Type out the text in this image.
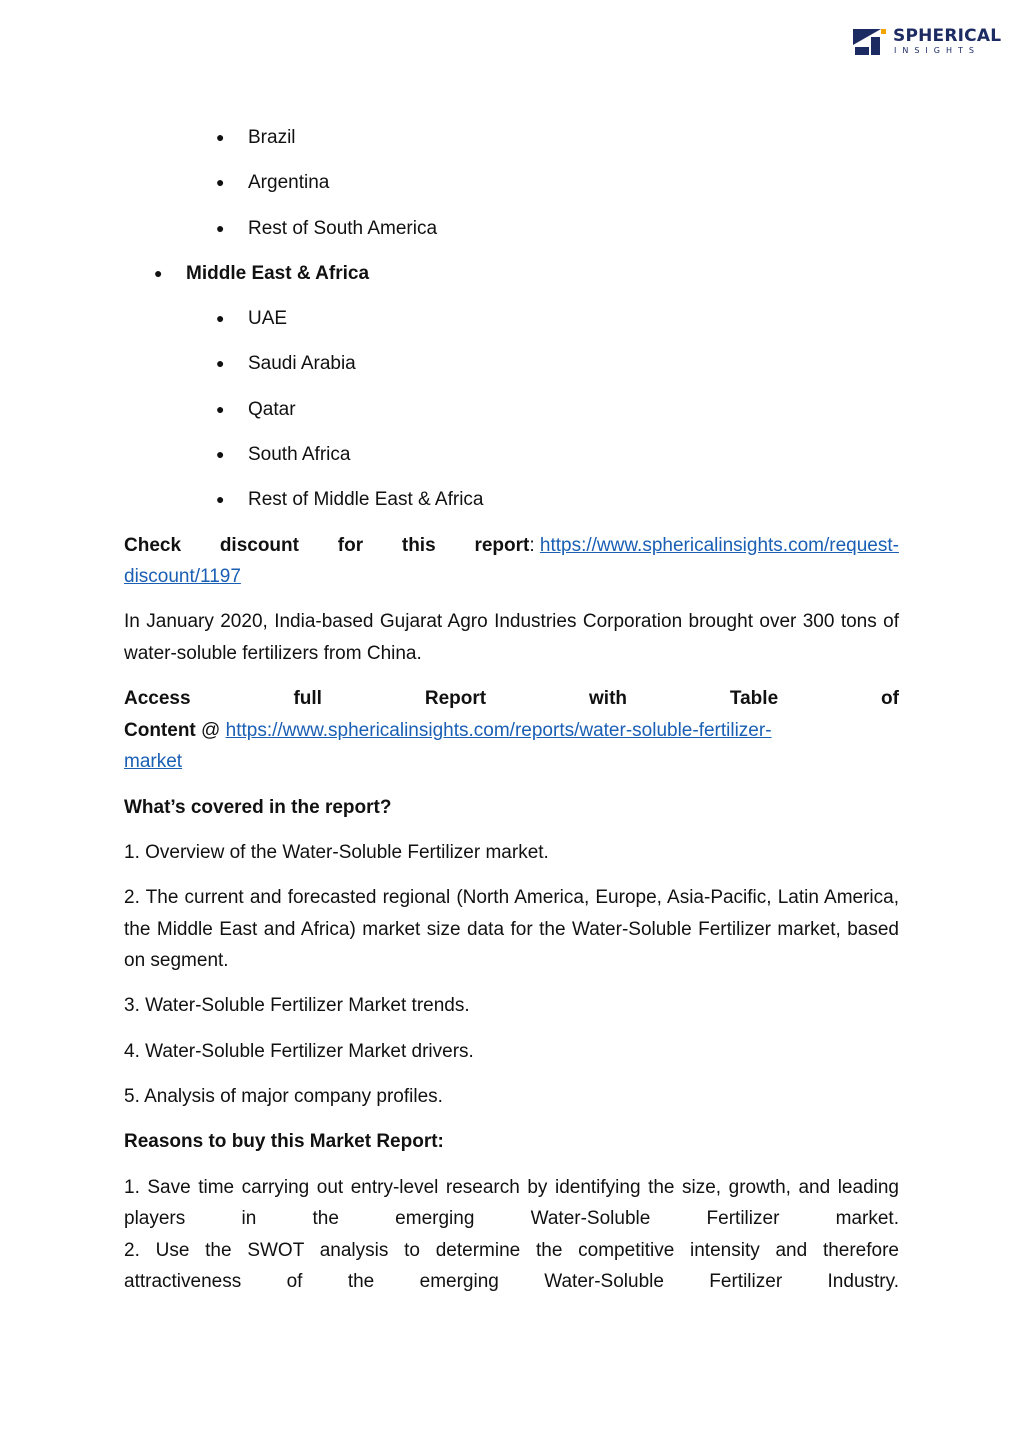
SPHERICAL
INSIGHTS
● Brazil
● Argentina
● Rest of South America
● Middle East & Africa
● UAE
● Saudi Arabia
● Qatar
● South Africa
● Rest of Middle East & Africa

Check discount for this report: https://www.sphericalinsights.com/request-
discount/1197

In January 2020, India-based Gujarat Agro Industries Corporation brought over 300 tons of water-soluble fertilizers from China.

Access	full	Report	with	Table	of
Content @ https://www.sphericalinsights.com/reports/water-soluble-fertilizer-
market

What’s covered in the report?

1. Overview of the Water-Soluble Fertilizer market.

2. The current and forecasted regional (North America, Europe, Asia-Pacific, Latin America, the Middle East and Africa) market size data for the Water-Soluble Fertilizer market, based on segment.

3. Water-Soluble Fertilizer Market trends.

4. Water-Soluble Fertilizer Market drivers.

5. Analysis of major company profiles.

Reasons to buy this Market Report:

1. Save time carrying out entry-level research by identifying the size, growth, and leading players in the emerging Water-Soluble Fertilizer market.
2. Use the SWOT analysis to determine the competitive intensity and therefore attractiveness of the emerging Water-Soluble Fertilizer Industry.
